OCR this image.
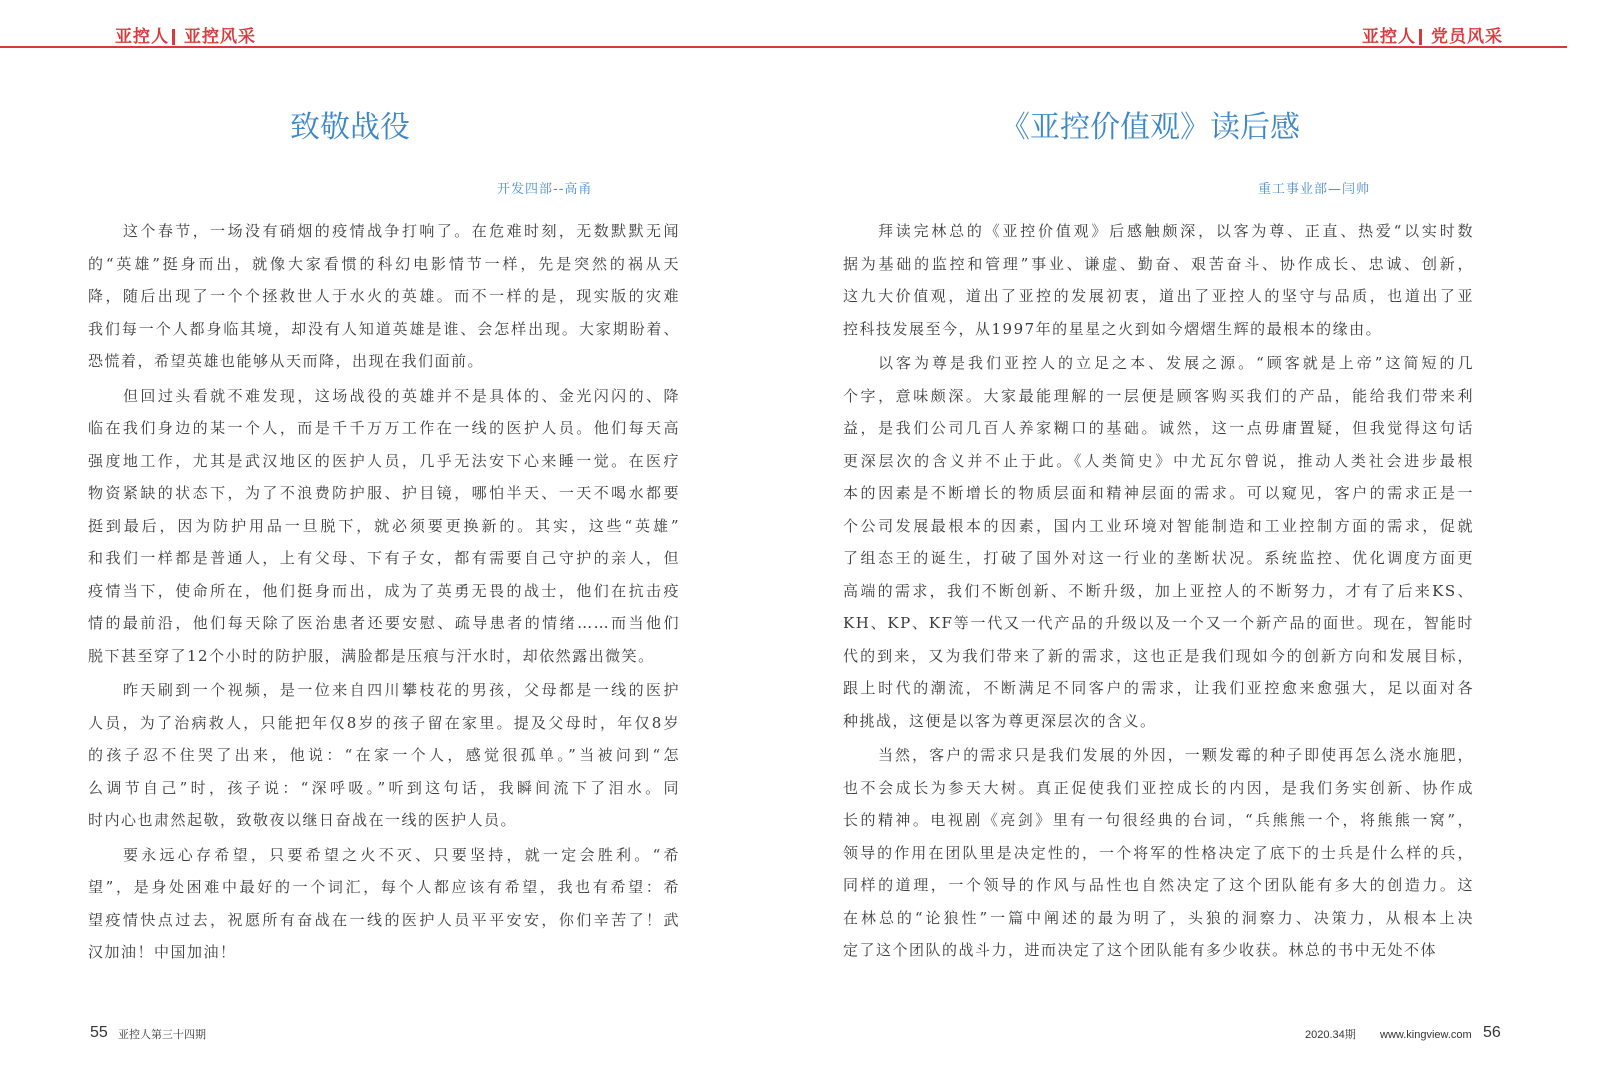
亚控人 亚控风采
致敬战役
开发四部--高甬
这个春节，一场没有硝烟的疫情战争打响了。在危难时刻，无数默默无闻
的“英雄”挺身而出，就像大家看惯的科幻电影情节一样，先是突然的祸从天
降，随后出现了一个个拯救世人于水火的英雄。而不一样的是，现实版的灾难
我们每一个人都身临其境，却没有人知道英雄是谁、会怎样出现。大家期盼着、
恐慌着，希望英雄也能够从天而降，出现在我们面前。
但回过头看就不难发现，这场战役的英雄并不是具体的、金光闪闪的、降
临在我们身边的某一个人，而是千千万万工作在一线的医护人员。他们每天高
强度地工作，尤其是武汉地区的医护人员，几乎无法安下心来睡一觉。在医疗
物资紧缺的状态下，为了不浪费防护服、护目镜，哪怕半天、一天不喝水都要
挺到最后，因为防护用品一旦脱下，就必须要更换新的。其实，这些“英雄”
和我们一样都是普通人，上有父母、下有子女，都有需要自己守护的亲人，但
疫情当下，使命所在，他们挺身而出，成为了英勇无畏的战士，他们在抗击疫
情的最前沿，他们每天除了医治患者还要安慰、疏导患者的情绪……而当他们
脱下甚至穿了12个小时的防护服，满脸都是压痕与汗水时，却依然露出微笑。
昨天刷到一个视频，是一位来自四川攀枝花的男孩，父母都是一线的医护
人员，为了治病救人，只能把年仅8岁的孩子留在家里。提及父母时，年仅8岁
的孩子忍不住哭了出来，他说：“在家一个人，感觉很孤单。”当被问到“怎
么调节自己”时，孩子说：“深呼吸。”听到这句话，我瞬间流下了泪水。同
时内心也肃然起敬，致敬夜以继日奋战在一线的医护人员。
要永远心存希望，只要希望之火不灭、只要坚持，就一定会胜利。“希
望”，是身处困难中最好的一个词汇，每个人都应该有希望，我也有希望：希
望疫情快点过去，祝愿所有奋战在一线的医护人员平平安安，你们辛苦了！武
汉加油！中国加油！
55 亚控人第三十四期
亚控人 党员风采
《亚控价值观》读后感
重工事业部—闫帅
拜读完林总的《亚控价值观》后感触颇深，以客为尊、正直、热爱“以实时数
据为基础的监控和管理”事业、谦虚、勤奋、艰苦奋斗、协作成长、忠诚、创新，
这九大价值观，道出了亚控的发展初衷，道出了亚控人的坚守与品质，也道出了亚
控科技发展至今，从1997年的星星之火到如今熠熠生辉的最根本的缘由。
以客为尊是我们亚控人的立足之本、发展之源。“顾客就是上帝”这简短的几
个字，意味颇深。大家最能理解的一层便是顾客购买我们的产品，能给我们带来利
益，是我们公司几百人养家糊口的基础。诚然，这一点毋庸置疑，但我觉得这句话
更深层次的含义并不止于此。《人类简史》中尤瓦尔曾说，推动人类社会进步最根
本的因素是不断增长的物质层面和精神层面的需求。可以窥见，客户的需求正是一
个公司发展最根本的因素，国内工业环境对智能制造和工业控制方面的需求，促就
了组态王的诞生，打破了国外对这一行业的垄断状况。系统监控、优化调度方面更
高端的需求，我们不断创新、不断升级，加上亚控人的不断努力，才有了后来KS、
KH、KP、KF等一代又一代产品的升级以及一个又一个新产品的面世。现在，智能时
代的到来，又为我们带来了新的需求，这也正是我们现如今的创新方向和发展目标，
跟上时代的潮流，不断满足不同客户的需求，让我们亚控愈来愈强大，足以面对各
种挑战，这便是以客为尊更深层次的含义。
当然，客户的需求只是我们发展的外因，一颗发霉的种子即使再怎么浇水施肥，
也不会成长为参天大树。真正促使我们亚控成长的内因，是我们务实创新、协作成
长的精神。电视剧《亮剑》里有一句很经典的台词，“兵熊熊一个，将熊熊一窝”，
领导的作用在团队里是决定性的，一个将军的性格决定了底下的士兵是什么样的兵，
同样的道理，一个领导的作风与品性也自然决定了这个团队能有多大的创造力。这
在林总的“论狼性”一篇中阐述的最为明了，头狼的洞察力、决策力，从根本上决
定了这个团队的战斗力，进而决定了这个团队能有多少收获。林总的书中无处不体
2020.34期 www.kingview.com 56
